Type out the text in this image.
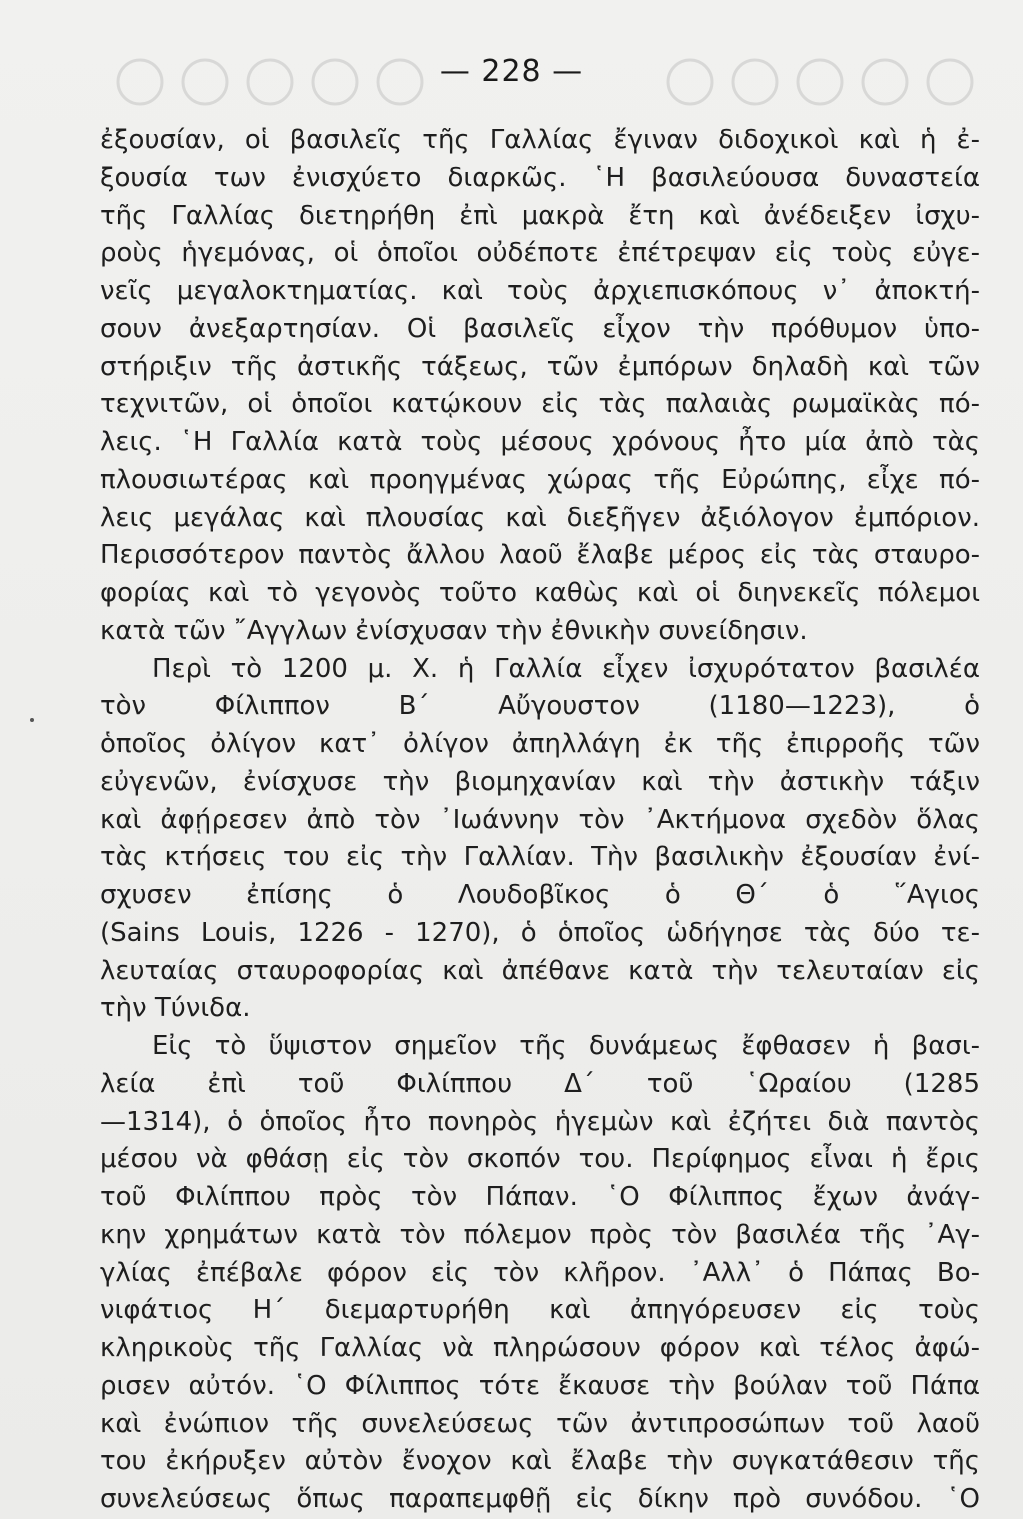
— 228 —
ἐξουσίαν, οἱ βασιλεῖς τῆς Γαλλίας ἔγιναν διδοχικοὶ καὶ ἡ ἐ-
ξουσία των ἐνισχύετο διαρκῶς. ῾Η βασιλεύουσα δυναστεία
τῆς Γαλλίας διετηρήθη ἐπὶ μακρὰ ἔτη καὶ ἀνέδειξεν ἰσχυ-
ροὺς ἡγεμόνας, οἱ ὁποῖοι οὐδέποτε ἐπέτρεψαν εἰς τοὺς εὐγε-
νεῖς μεγαλοκτηματίας. καὶ τοὺς ἀρχιεπισκόπους ν᾽ ἀποκτή-
σουν ἀνεξαρτησίαν. Οἱ βασιλεῖς εἶχον τὴν πρόθυμον ὑπο-
στήριξιν τῆς ἀστικῆς τάξεως, τῶν ἐμπόρων δηλαδὴ καὶ τῶν
τεχνιτῶν, οἱ ὁποῖοι κατῴκουν εἰς τὰς παλαιὰς ρωμαϊκὰς πό-
λεις. ῾Η Γαλλία κατὰ τοὺς μέσους χρόνους ἦτο μία ἀπὸ τὰς
πλουσιωτέρας καὶ προηγμένας χώρας τῆς Εὐρώπης, εἶχε πό-
λεις μεγάλας καὶ πλουσίας καὶ διεξῆγεν ἀξιόλογον ἐμπόριον.
Περισσότερον παντὸς ἄλλου λαοῦ ἔλαβε μέρος εἰς τὰς σταυρο-
φορίας καὶ τὸ γεγονὸς τοῦτο καθὼς καὶ οἱ διηνεκεῖς πόλεμοι
κατὰ τῶν ῎Αγγλων ἐνίσχυσαν τὴν ἐθνικὴν συνείδησιν.
Περὶ τὸ 1200 μ. Χ. ἡ Γαλλία εἶχεν ἰσχυρότατον βασιλέα
τὸν Φίλιππον Β΄ Αὔγουστον (1180—1223), ὁ
ὁποῖος ὀλίγον κατ᾽ ὀλίγον ἀπηλλάγη ἐκ τῆς ἐπιρροῆς τῶν
εὐγενῶν, ἐνίσχυσε τὴν βιομηχανίαν καὶ τὴν ἀστικὴν τάξιν
καὶ ἀφῄρεσεν ἀπὸ τὸν ᾽Ιωάννην τὸν ᾽Ακτήμονα σχεδὸν ὅλας
τὰς κτήσεις του εἰς τὴν Γαλλίαν. Τὴν βασιλικὴν ἐξουσίαν ἐνί-
σχυσεν ἐπίσης ὁ Λουδοβῖκος ὁ Θ΄ ὁ ῞Αγιος
(Sains Louis, 1226 - 1270), ὁ ὁποῖος ὡδήγησε τὰς δύο τε-
λευταίας σταυροφορίας καὶ ἀπέθανε κατὰ τὴν τελευταίαν εἰς
τὴν Τύνιδα.
Εἰς τὸ ὕψιστον σημεῖον τῆς δυνάμεως ἔφθασεν ἡ βασι-
λεία ἐπὶ τοῦ Φιλίππου Δ΄ τοῦ ῾Ωραίου (1285
—1314), ὁ ὁποῖος ἦτο πονηρὸς ἡγεμὼν καὶ ἐζήτει διὰ παντὸς
μέσου νὰ φθάσῃ εἰς τὸν σκοπόν του. Περίφημος εἶναι ἡ ἔρις
τοῦ Φιλίππου πρὸς τὸν Πάπαν. ῾Ο Φίλιππος ἔχων ἀνάγ-
κην χρημάτων κατὰ τὸν πόλεμον πρὸς τὸν βασιλέα τῆς ᾽Αγ-
γλίας ἐπέβαλε φόρον εἰς τὸν κλῆρον. ᾽Αλλ᾽ ὁ Πάπας Βο-
νιφάτιος Η΄ διεμαρτυρήθη καὶ ἀπηγόρευσεν εἰς τοὺς
κληρικοὺς τῆς Γαλλίας νὰ πληρώσουν φόρον καὶ τέλος ἀφώ-
ρισεν αὐτόν. ῾Ο Φίλιππος τότε ἔκαυσε τὴν βούλαν τοῦ Πάπα
καὶ ἐνώπιον τῆς συνελεύσεως τῶν ἀντιπροσώπων τοῦ λαοῦ
του ἐκήρυξεν αὐτὸν ἔνοχον καὶ ἔλαβε τὴν συγκατάθεσιν τῆς
συνελεύσεως ὅπως παραπεμφθῇ εἰς δίκην πρὸ συνόδου. ῾Ο
